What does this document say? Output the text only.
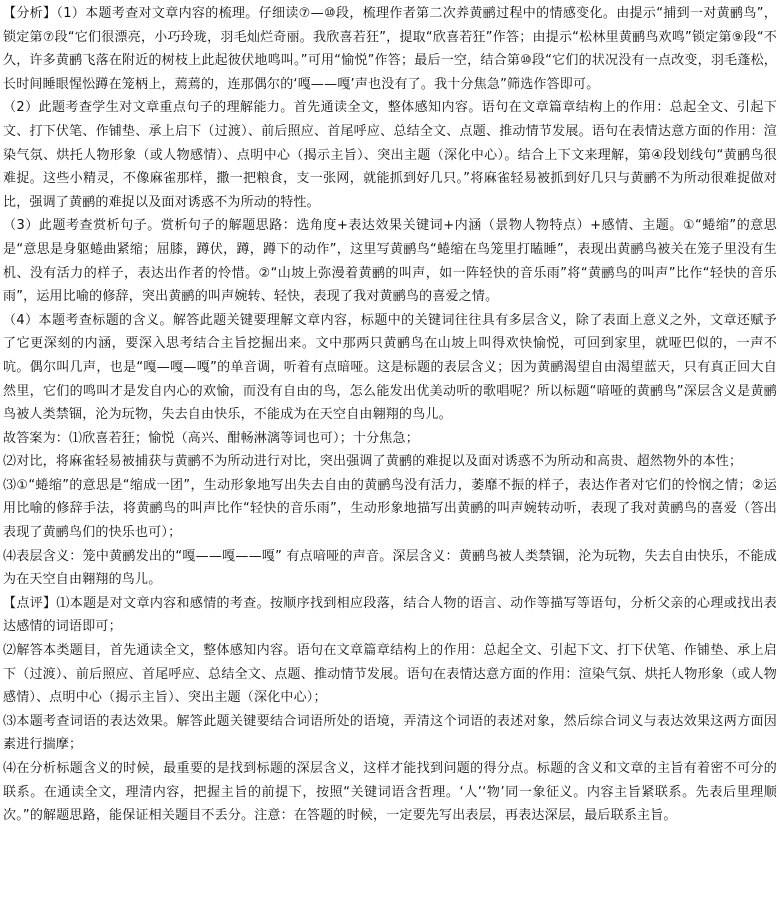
【分析】（1）本题考查对文章内容的梳理。仔细读⑦—⑩段，梳理作者第二次养黄鹂过程中的情感变化。由提示“捕到一对黄鹂鸟”，锁定第⑦段“它们很漂亮，小巧玲珑，羽毛灿烂奇丽。我欣喜若狂”，提取“欣喜若狂”作答；由提示“松林里黄鹂鸟欢鸣”锁定第⑨段“不久，许多黄鹂飞落在附近的树枝上此起彼伏地鸣叫。”可用“愉悦”作答；最后一空，结合第⑩段“它们的状况没有一点改变，羽毛蓬松，长时间睡眼惺忪蹲在笼柄上，蔫蔫的，连那偶尔的‘嘎——嘎’声也没有了。我十分焦急”筛选作答即可。

（2）此题考查学生对文章重点句子的理解能力。首先通读全文，整体感知内容。语句在文章篇章结构上的作用：总起全文、引起下文、打下伏笔、作铺垫、承上启下（过渡）、前后照应、首尾呼应、总结全文、点题、推动情节发展。语句在表情达意方面的作用：渲染气氛、烘托人物形象（或人物感情）、点明中心（揭示主旨）、突出主题（深化中心）。结合上下文来理解，第④段划线句“黄鹂鸟很难捉。这些小精灵，不像麻雀那样，撒一把粮食，支一张网，就能抓到好几只。”将麻雀轻易被抓到好几只与黄鹂不为所动很难捉做对比，强调了黄鹂的难捉以及面对诱惑不为所动的特性。

（3）此题考查赏析句子。赏析句子的解题思路：选角度+表达效果关键词+内涵（景物人物特点）+感情、主题。①“蜷缩”的意思是“意思是身躯蜷曲紧缩；屈膝，蹲伏，蹲，蹲下的动作”，这里写黄鹂鸟“蜷缩在鸟笼里打瞌睡”，表现出黄鹂鸟被关在笼子里没有生机、没有活力的样子，表达出作者的怜惜。②“山坡上弥漫着黄鹂的叫声，如一阵轻快的音乐雨”将“黄鹂鸟的叫声”比作“轻快的音乐雨”，运用比喻的修辞，突出黄鹂的叫声婉转、轻快，表现了我对黄鹂鸟的喜爱之情。

（4）本题考查标题的含义。解答此题关键要理解文章内容，标题中的关键词往往具有多层含义，除了表面上意义之外，文章还赋予了它更深刻的内涵，要深入思考结合主旨挖掘出来。文中那两只黄鹂鸟在山坡上叫得欢快愉悦，可回到家里，就哑巴似的，一声不吭。偶尔叫几声，也是“嘎—嘎—嘎”的单音调，听着有点暗哑。这是标题的表层含义；因为黄鹂渴望自由渴望蓝天，只有真正回大自然里，它们的鸣叫才是发自内心的欢愉，而没有自由的鸟，怎么能发出优美动听的歌唱呢？所以标题“喑哑的黄鹂鸟”深层含义是黄鹂鸟被人类禁锢，沦为玩物，失去自由快乐，不能成为在天空自由翱翔的鸟儿。

故答案为：⑴欣喜若狂；愉悦（高兴、酣畅淋漓等词也可）；十分焦急；

⑵对比，将麻雀轻易被捕获与黄鹂不为所动进行对比，突出强调了黄鹂的难捉以及面对诱惑不为所动和高贵、超然物外的本性；

⑶①“蜷缩”的意思是“缩成一团”，生动形象地写出失去自由的黄鹂鸟没有活力，萎靡不振的样子，表达作者对它们的怜悯之情；②运用比喻的修辞手法，将黄鹂鸟的叫声比作“轻快的音乐雨”，生动形象地描写出黄鹂的叫声婉转动听，表现了我对黄鹂鸟的喜爱（答出表现了黄鹂鸟们的快乐也可）；

⑷表层含义：笼中黄鹂发出的“嘎——嘎——嘎” 有点喑哑的声音。深层含义：黄鹂鸟被人类禁锢，沦为玩物，失去自由快乐，不能成为在天空自由翱翔的鸟儿。

【点评】⑴本题是对文章内容和感情的考查。按顺序找到相应段落，结合人物的语言、动作等描写等语句，分析父亲的心理或找出表达感情的词语即可；

⑵解答本类题目，首先通读全文，整体感知内容。语句在文章篇章结构上的作用：总起全文、引起下文、打下伏笔、作铺垫、承上启下（过渡）、前后照应、首尾呼应、总结全文、点题、推动情节发展。语句在表情达意方面的作用：渲染气氛、烘托人物形象（或人物感情）、点明中心（揭示主旨）、突出主题（深化中心）；

⑶本题考查词语的表达效果。解答此题关键要结合词语所处的语境，弄清这个词语的表述对象，然后综合词义与表达效果这两方面因素进行揣摩；

⑷在分析标题含义的时候，最重要的是找到标题的深层含义，这样才能找到问题的得分点。标题的含义和文章的主旨有着密不可分的联系。在通读全文，理清内容，把握主旨的前提下，按照“关键词语含哲理。‘人’‘物’同一象征义。内容主旨紧联系。先表后里理顺次。”的解题思路，能保证相关题目不丢分。注意：在答题的时候，一定要先写出表层，再表达深层，最后联系主旨。
